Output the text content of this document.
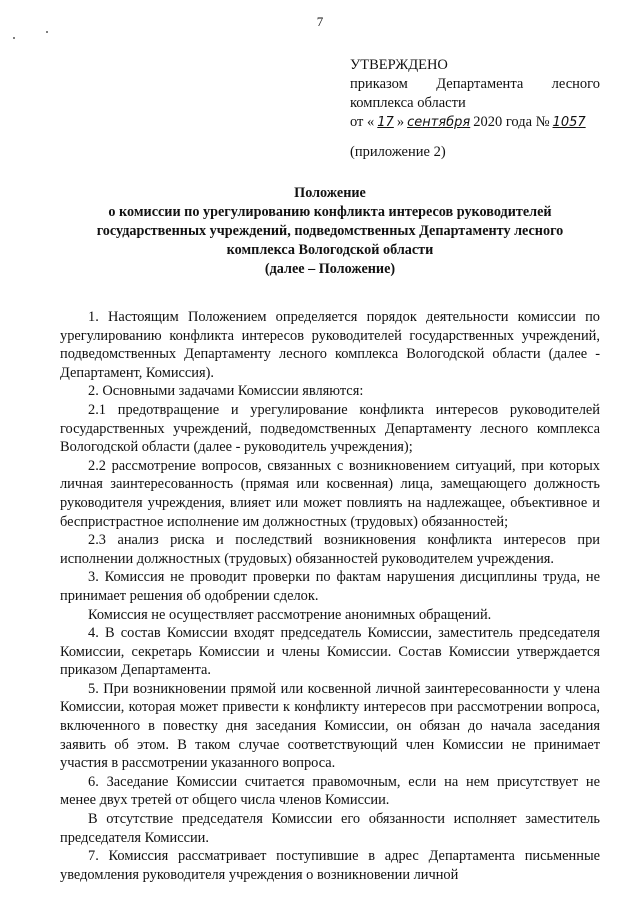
7
УТВЕРЖДЕНО
приказом Департамента лесного
комплекса области
от « 17 » сентября 2020 года № 1057
(приложение 2)
Положение
о комиссии по урегулированию конфликта интересов руководителей
государственных учреждений, подведомственных Департаменту лесного
комплекса Вологодской области
(далее – Положение)

1. Настоящим Положением определяется порядок деятельности комиссии по урегулированию конфликта интересов руководителей государственных учреждений, подведомственных Департаменту лесного комплекса Вологодской области (далее - Департамент, Комиссия).

2. Основными задачами Комиссии являются:

2.1 предотвращение и урегулирование конфликта интересов руководителей государственных учреждений, подведомственных Департаменту лесного комплекса Вологодской области (далее - руководитель учреждения);

2.2 рассмотрение вопросов, связанных с возникновением ситуаций, при которых личная заинтересованность (прямая или косвенная) лица, замещающего должность руководителя учреждения, влияет или может повлиять на надлежащее, объективное и беспристрастное исполнение им должностных (трудовых) обязанностей;

2.3 анализ риска и последствий возникновения конфликта интересов при исполнении должностных (трудовых) обязанностей руководителем учреждения.

3. Комиссия не проводит проверки по фактам нарушения дисциплины труда, не принимает решения об одобрении сделок.

Комиссия не осуществляет рассмотрение анонимных обращений.

4. В состав Комиссии входят председатель Комиссии, заместитель председателя Комиссии, секретарь Комиссии и члены Комиссии. Состав Комиссии утверждается приказом Департамента.

5. При возникновении прямой или косвенной личной заинтересованности у члена Комиссии, которая может привести к конфликту интересов при рассмотрении вопроса, включенного в повестку дня заседания Комиссии, он обязан до начала заседания заявить об этом. В таком случае соответствующий член Комиссии не принимает участия в рассмотрении указанного вопроса.

6. Заседание Комиссии считается правомочным, если на нем присутствует не менее двух третей от общего числа членов Комиссии.

В отсутствие председателя Комиссии его обязанности исполняет заместитель председателя Комиссии.

7. Комиссия рассматривает поступившие в адрес Департамента письменные уведомления руководителя учреждения о возникновении личной
